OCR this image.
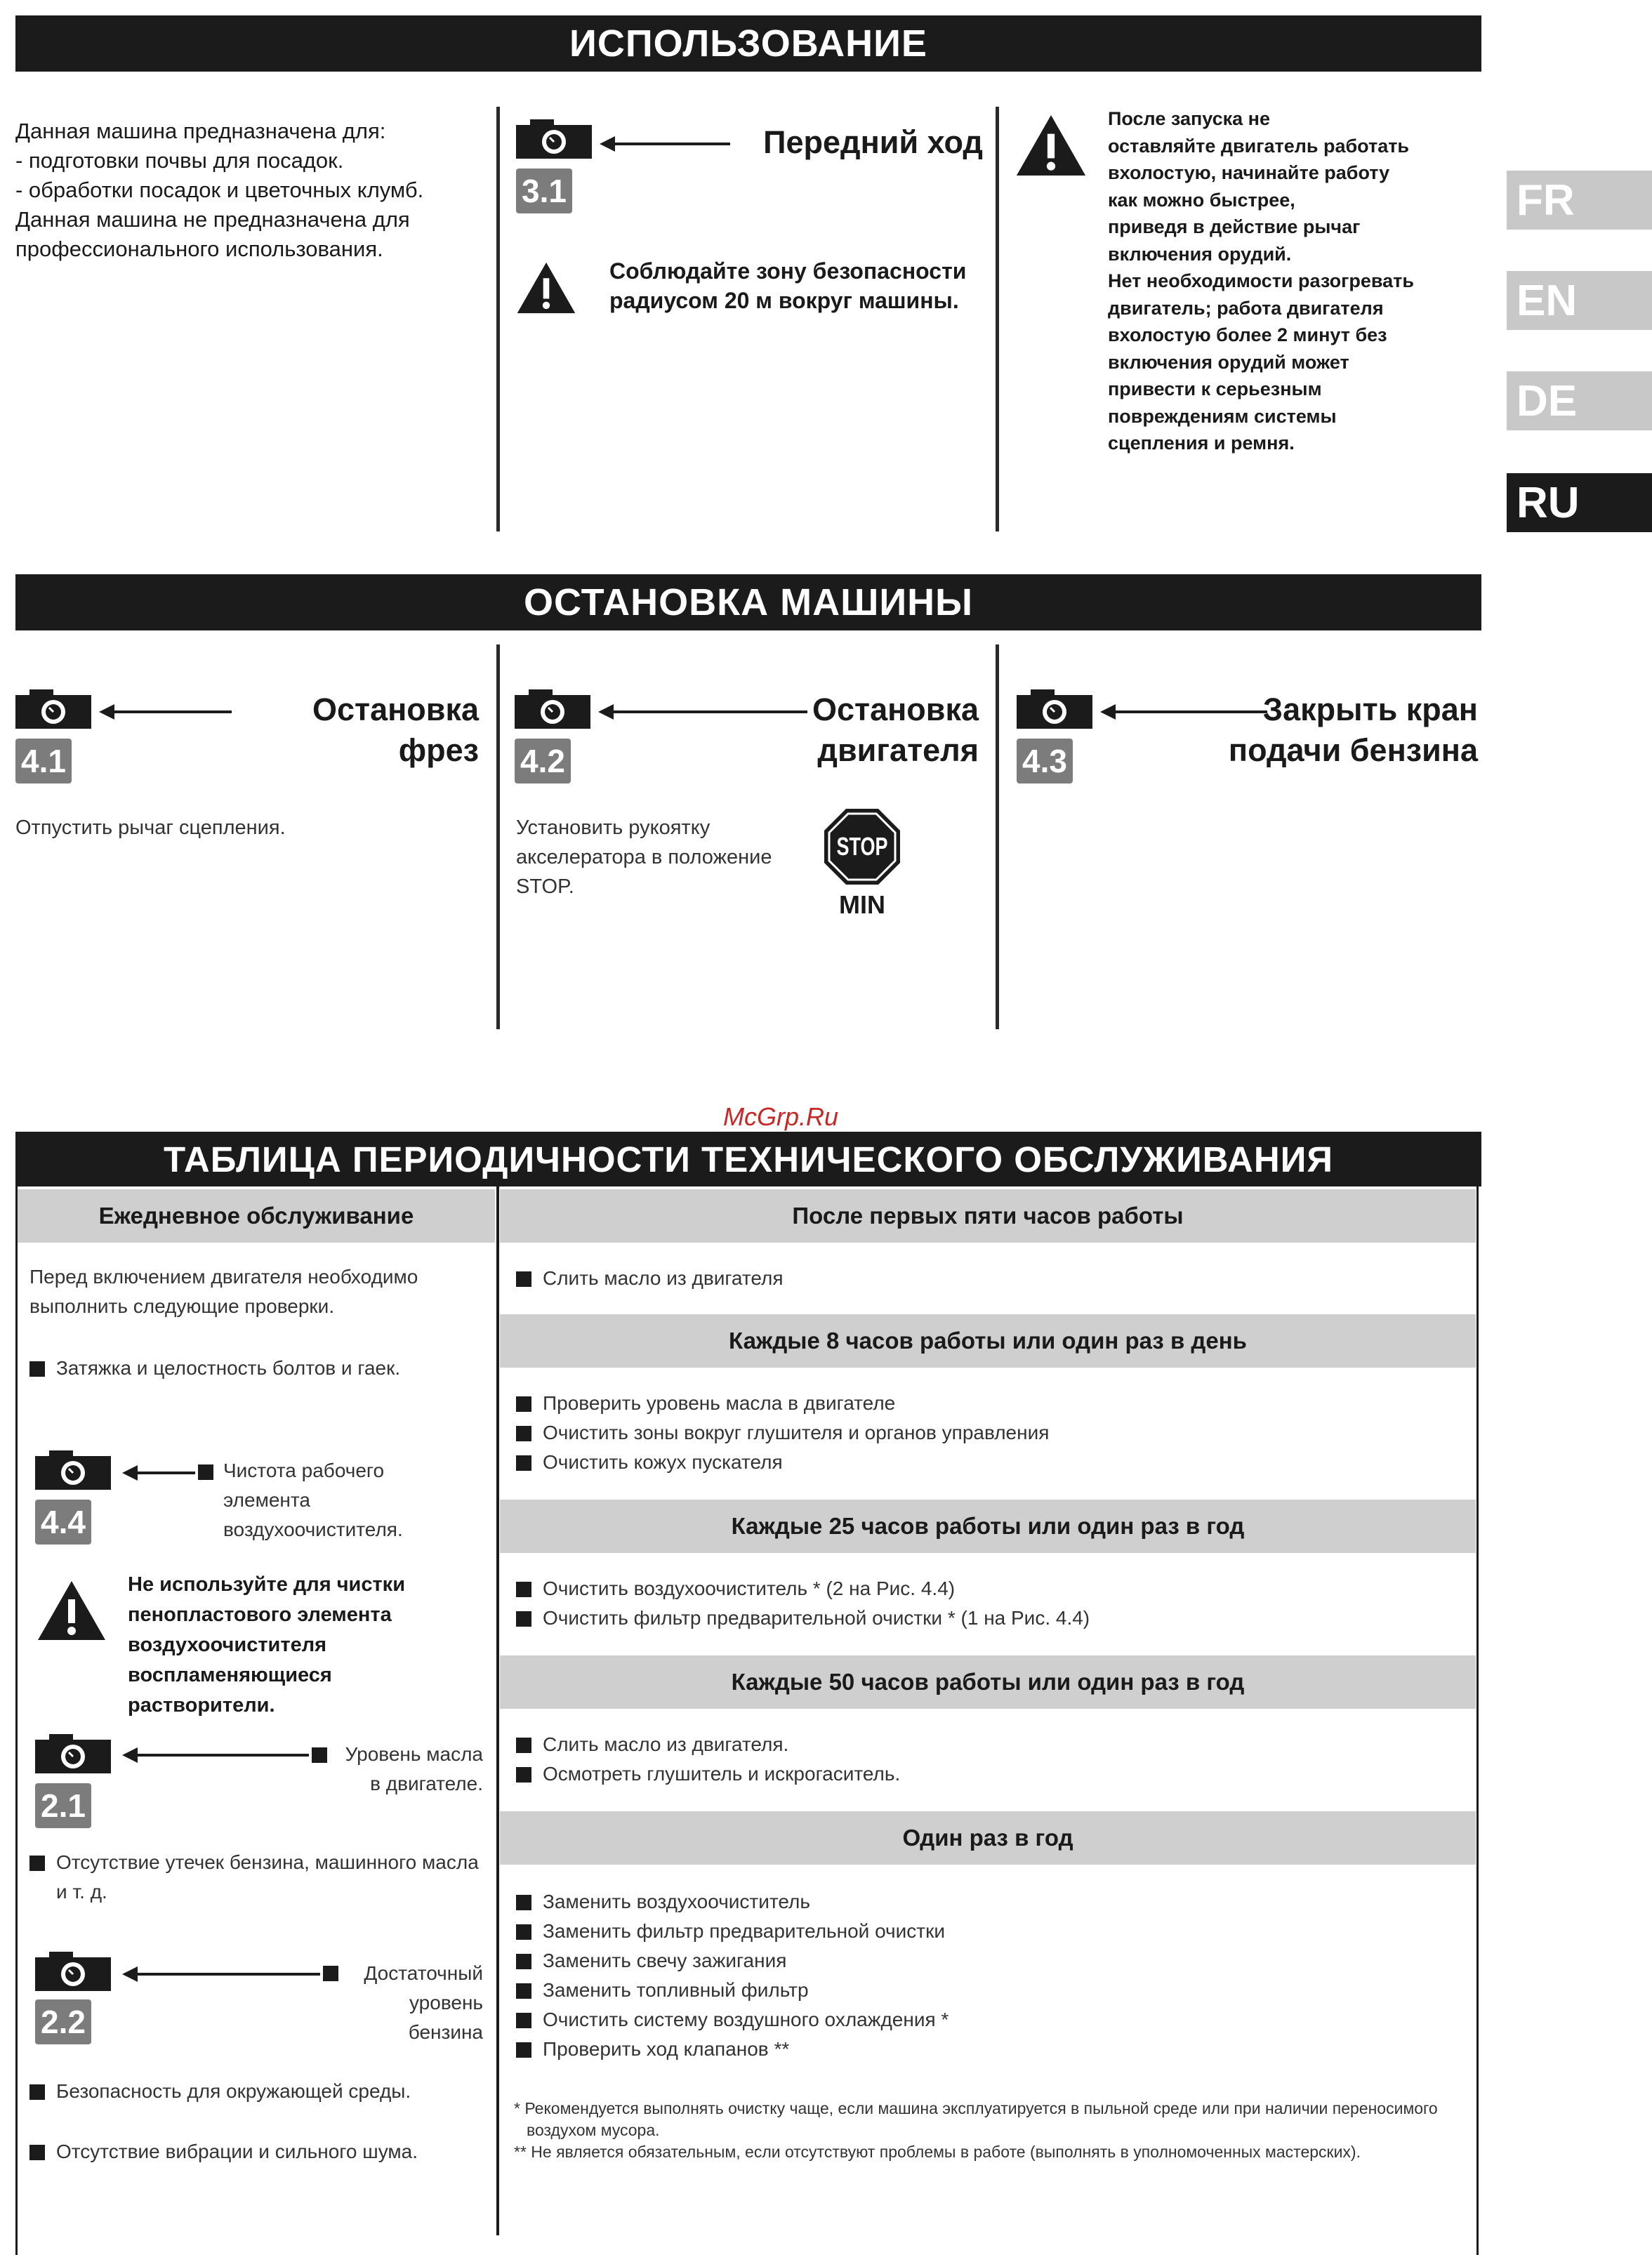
FR
EN
DE
RU
ИСПОЛЬЗОВАНИЕ
Данная машина предназначена для:
- подготовки почвы для посадок.
- обработки посадок и цветочных клумб.
Данная машина не предназначена для профессионального использования.
Передний ход
3.1
Соблюдайте зону безопасности радиусом 20 м вокруг машины.
После запуска не
оставляйте двигатель работать
вхолостую, начинайте работу
как можно быстрее,
приведя в действие рычаг
включения орудий.
Нет необходимости разогревать
двигатель; работа двигателя
вхолостую более 2 минут без
включения орудий может
привести к серьезным
повреждениям системы
сцепления и ремня.
ОСТАНОВКА МАШИНЫ
Остановка фрез
4.1
Отпустить рычаг сцепления.
Остановка
двигателя
4.2
Установить рукоятку акселератора в положение STOP.
STOP
MIN
Закрыть кран
подачи бензина
4.3
McGrp.Ru
ТАБЛИЦА ПЕРИОДИЧНОСТИ ТЕХНИЧЕСКОГО ОБСЛУЖИВАНИЯ
Ежедневное обслуживание
Перед включением двигателя необходимо выполнить следующие проверки.
Затяжка и целостность болтов и гаек.
Чистота рабочего элемента воздухоочистителя.
4.4
Не используйте для чистки пенопластового элемента воздухоочистителя воспламеняющиеся растворители.
Уровень масла в двигателе.
2.1
Отсутствие утечек бензина, машинного масла и т. д.
Достаточный уровень бензина
2.2
Безопасность для окружающей среды.
Отсутствие вибрации и сильного шума.
После первых пяти часов работы
Слить масло из двигателя
Каждые 8 часов работы или один раз в день
Проверить уровень масла в двигателе
Очистить зоны вокруг глушителя и органов управления
Очистить кожух пускателя
Каждые 25 часов работы или один раз в год
Очистить воздухоочиститель * (2 на Рис. 4.4)
Очистить фильтр предварительной очистки * (1 на Рис. 4.4)
Каждые 50 часов работы или один раз в год
Слить масло из двигателя.
Осмотреть глушитель и искрогаситель.
Один раз в год
Заменить воздухоочиститель
Заменить фильтр предварительной очистки
Заменить свечу зажигания
Заменить топливный фильтр
Очистить систему воздушного охлаждения *
Проверить ход клапанов **
* Рекомендуется выполнять очистку чаще, если машина эксплуатируется в пыльной среде или при наличии переносимого воздухом мусора.
** Не является обязательным, если отсутствуют проблемы в работе (выполнять в уполномоченных мастерских).
